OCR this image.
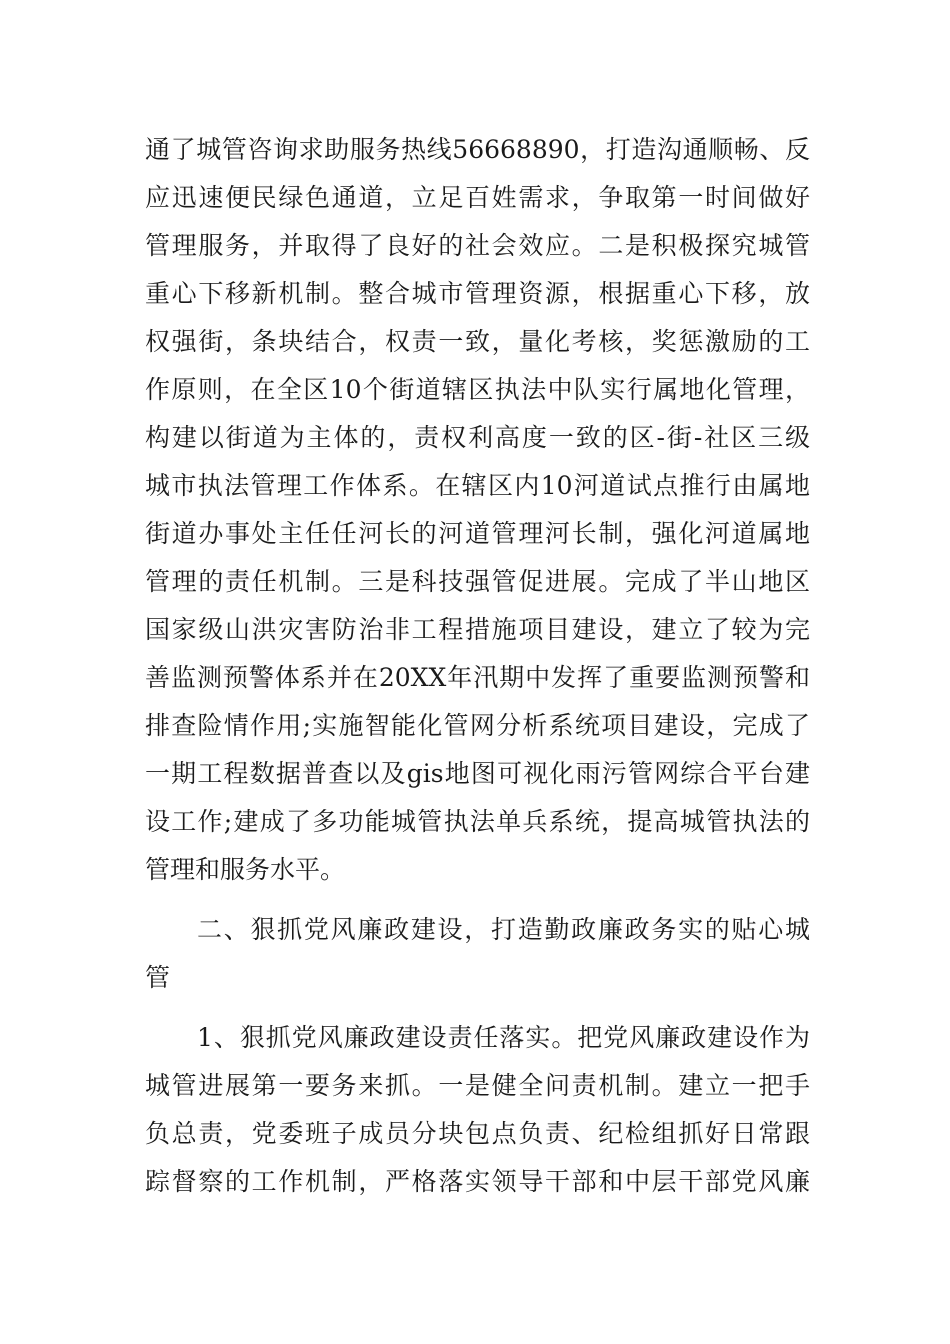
通了城管咨询求助服务热线56668890，打造沟通顺畅、反
应迅速便民绿色通道，立足百姓需求，争取第一时间做好
管理服务，并取得了良好的社会效应。二是积极探究城管
重心下移新机制。整合城市管理资源，根据重心下移，放
权强街，条块结合，权责一致，量化考核，奖惩激励的工
作原则，在全区10个街道辖区执法中队实行属地化管理，
构建以街道为主体的，责权利高度一致的区-街-社区三级
城市执法管理工作体系。在辖区内10河道试点推行由属地
街道办事处主任任河长的河道管理河长制，强化河道属地
管理的责任机制。三是科技强管促进展。完成了半山地区
国家级山洪灾害防治非工程措施项目建设，建立了较为完
善监测预警体系并在20XX年汛期中发挥了重要监测预警和
排查险情作用;实施智能化管网分析系统项目建设，完成了
一期工程数据普查以及gis地图可视化雨污管网综合平台建
设工作;建成了多功能城管执法单兵系统，提高城管执法的
管理和服务水平。
二、狠抓党风廉政建设，打造勤政廉政务实的贴心城
管
1、狠抓党风廉政建设责任落实。把党风廉政建设作为
城管进展第一要务来抓。一是健全问责机制。建立一把手
负总责，党委班子成员分块包点负责、纪检组抓好日常跟
踪督察的工作机制，严格落实领导干部和中层干部党风廉
